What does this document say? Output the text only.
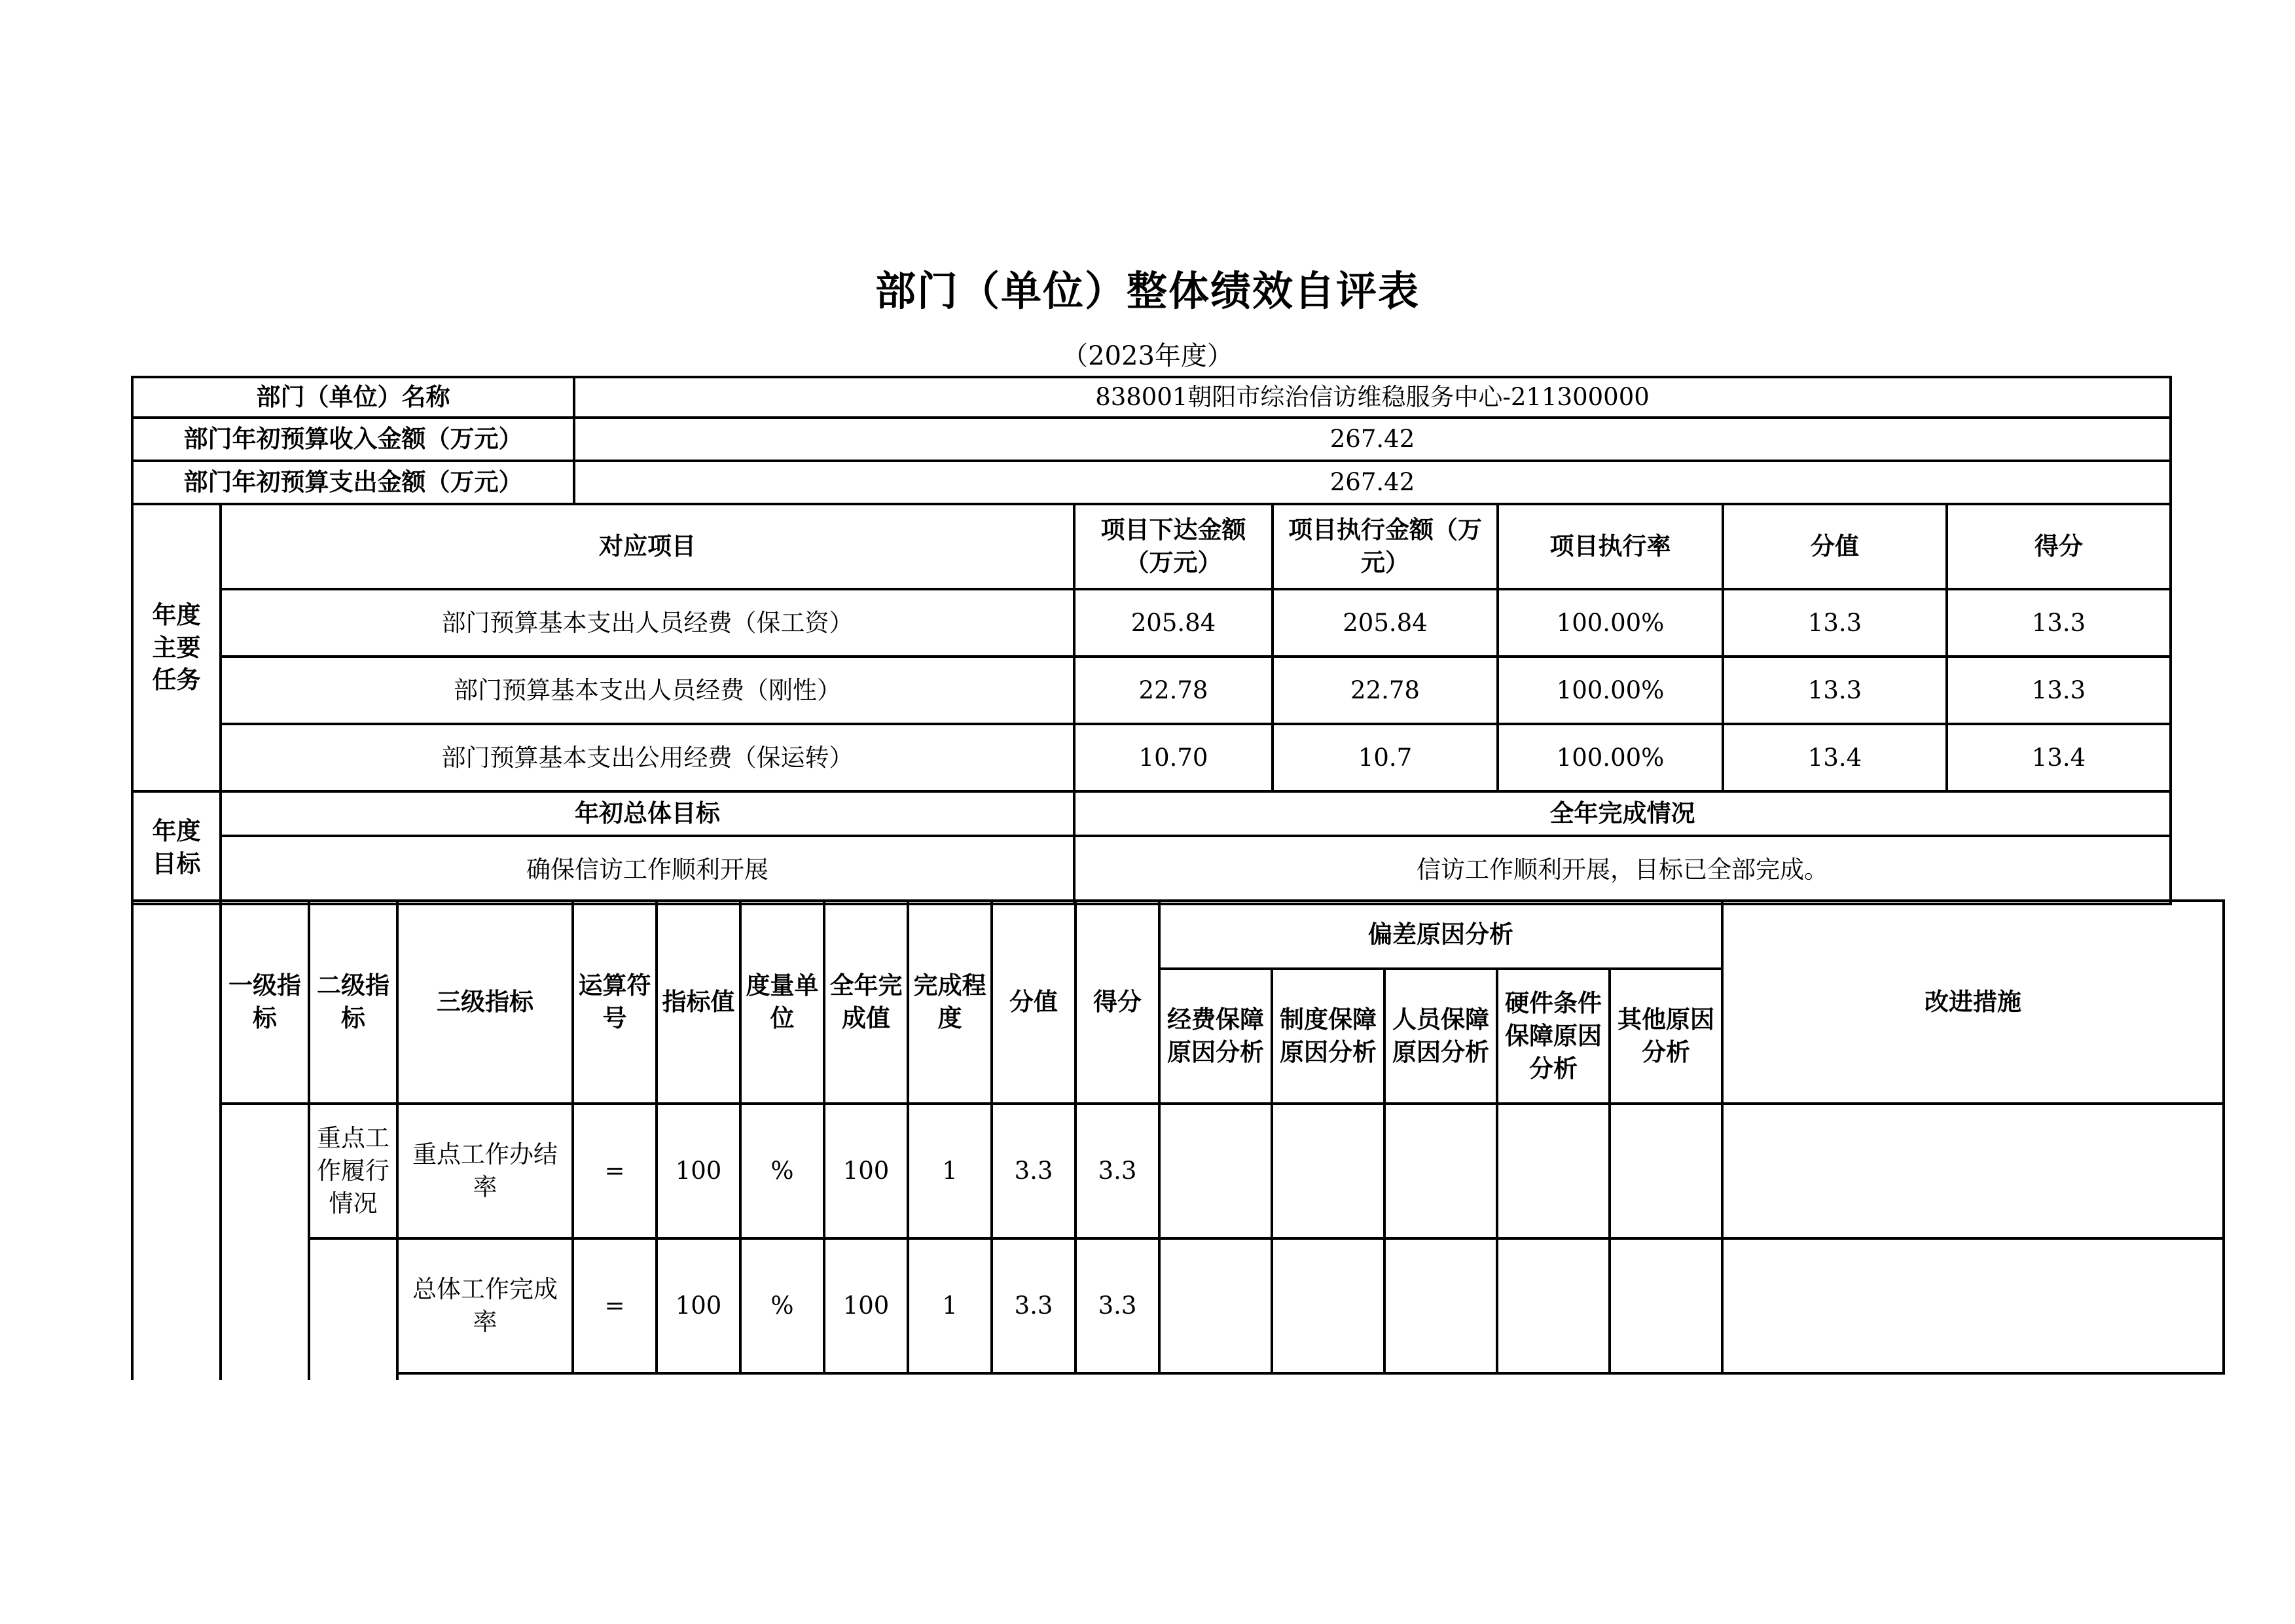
部门（单位）整体绩效自评表
（2023年度）
部门（单位）名称	838001朝阳市综治信访维稳服务中心-211300000
部门年初预算收入金额（万元）	267.42
部门年初预算支出金额（万元）	267.42
年度主要任务	对应项目	项目下达金额（万元）	项目执行金额（万元）	项目执行率	分值	得分
	部门预算基本支出人员经费（保工资）	205.84	205.84	100.00%	13.3	13.3
	部门预算基本支出人员经费（刚性）	22.78	22.78	100.00%	13.3	13.3
	部门预算基本支出公用经费（保运转）	10.70	10.7	100.00%	13.4	13.4
年度目标	年初总体目标	全年完成情况				
	确保信访工作顺利开展	信访工作顺利开展，目标已全部完成。				
	一级指标	二级指标	三级指标	运算符号	指标值	度量单位	全年完成值	完成程度	分值	得分	偏差原因分析					改进措施
											经费保障原因分析	制度保障原因分析	人员保障原因分析	硬件条件保障原因分析	其他原因分析	
		重点工作履行情况	重点工作办结率	=	100	%	100	1	3.3	3.3						
			总体工作完成率	=	100	%	100	1	3.3	3.3						
